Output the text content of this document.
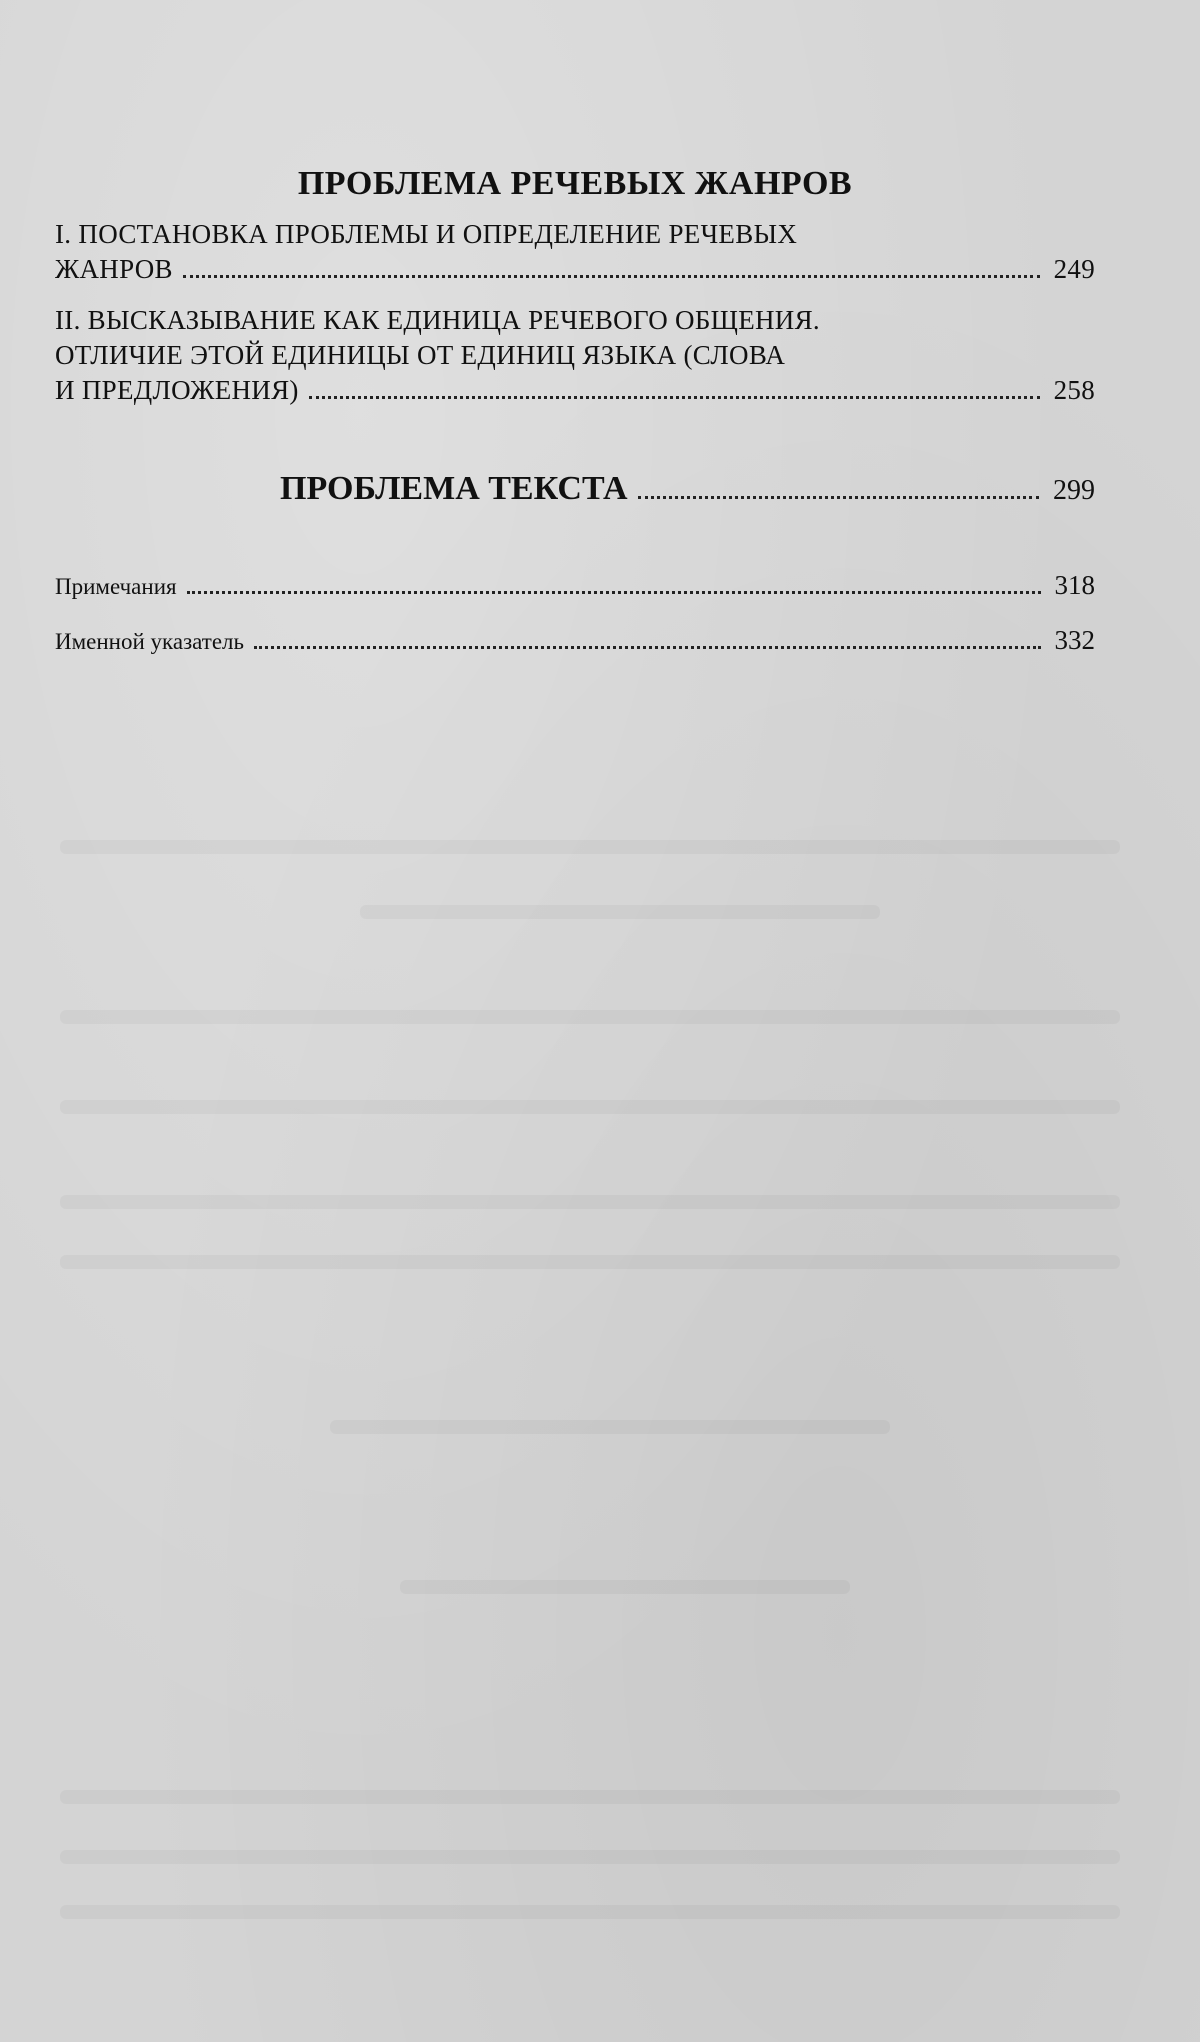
ПРОБЛЕМА РЕЧЕВЫХ ЖАНРОВ
I. ПОСТАНОВКА ПРОБЛЕМЫ И ОПРЕДЕЛЕНИЕ РЕЧЕВЫХ
ЖАНРОВ	249
II. ВЫСКАЗЫВАНИЕ КАК ЕДИНИЦА РЕЧЕВОГО ОБЩЕНИЯ.
ОТЛИЧИЕ ЭТОЙ ЕДИНИЦЫ ОТ ЕДИНИЦ ЯЗЫКА (СЛОВА
И ПРЕДЛОЖЕНИЯ)	258
ПРОБЛЕМА ТЕКСТА	299
Примечания	318
Именной указатель	332
